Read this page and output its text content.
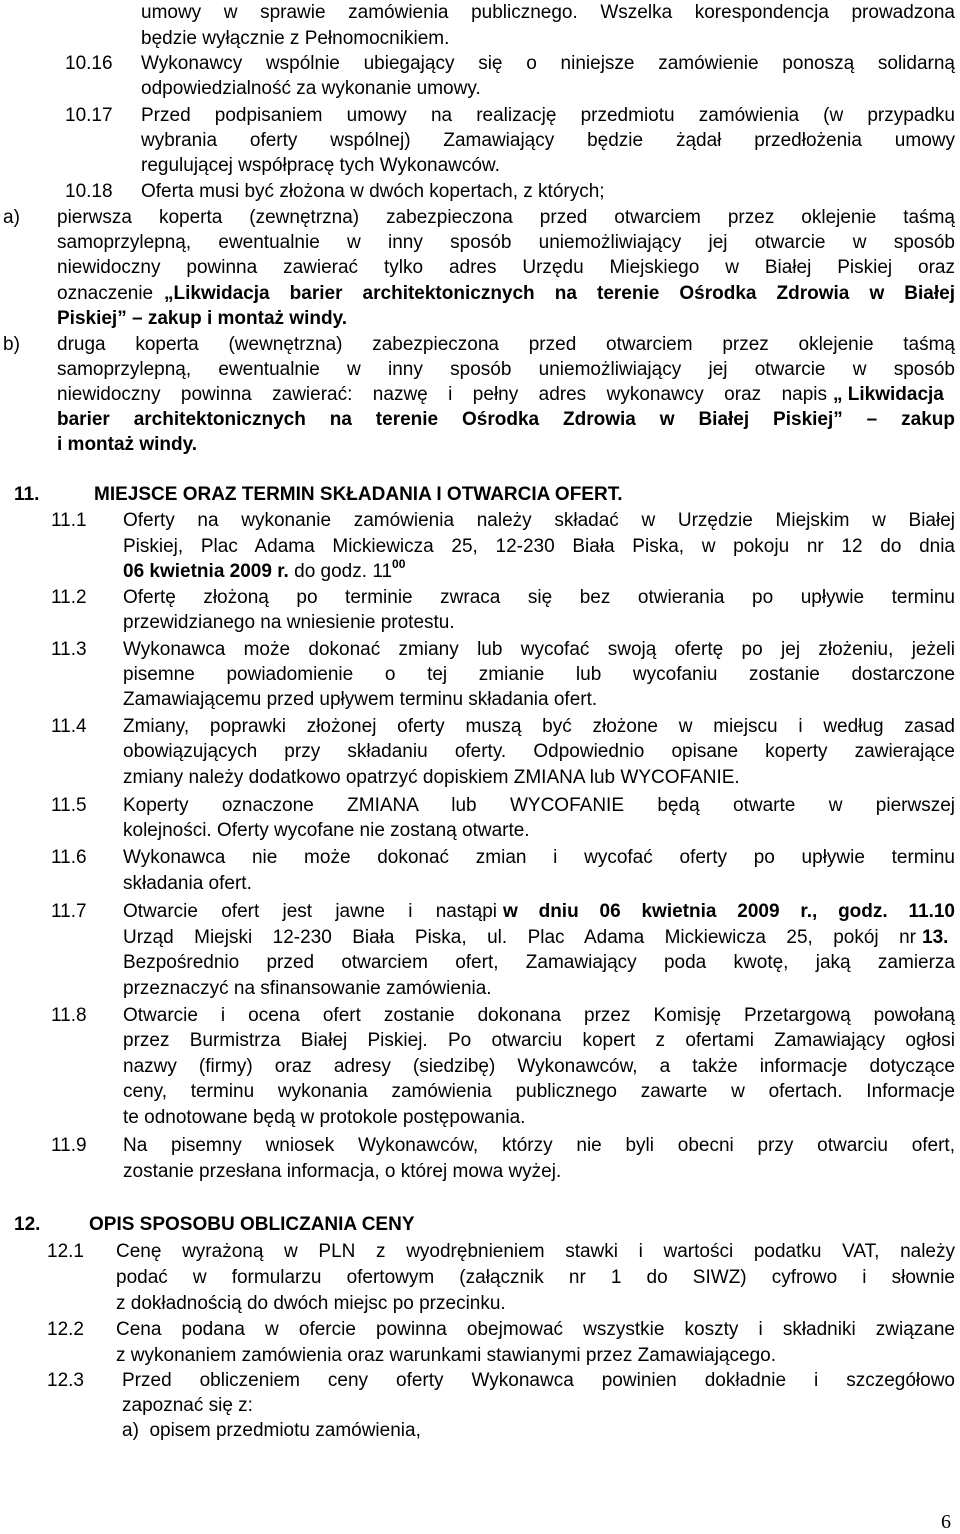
umowy w sprawie zamówienia publicznego. Wszelka korespondencja prowadzona
będzie wyłącznie z Pełnomocnikiem.
10.16 Wykonawcy wspólnie ubiegający się o niniejsze zamówienie ponoszą solidarną
odpowiedzialność za wykonanie umowy.
10.17 Przed podpisaniem umowy na realizację przedmiotu zamówienia (w przypadku
wybrania oferty wspólnej) Zamawiający będzie żądał przedłożenia umowy
regulującej współpracę tych Wykonawców.
10.18 Oferta musi być złożona w dwóch kopertach, z których;
a) pierwsza koperta (zewnętrzna) zabezpieczona przed otwarciem przez oklejenie taśmą
samoprzylepną, ewentualnie w inny sposób uniemożliwiający jej otwarcie w sposób
niewidoczny powinna zawierać tylko adres Urzędu Miejskiego w Białej Piskiej oraz
oznaczenie „Likwidacja barier architektonicznych na terenie Ośrodka Zdrowia w Białej
Piskiej” – zakup i montaż windy.
b) druga koperta (wewnętrzna) zabezpieczona przed otwarciem przez oklejenie taśmą
samoprzylepną, ewentualnie w inny sposób uniemożliwiający jej otwarcie w sposób
niewidoczny powinna zawierać: nazwę i pełny adres wykonawcy oraz napis „ Likwidacja
barier architektonicznych na terenie Ośrodka Zdrowia w Białej Piskiej” – zakup
i montaż windy.
11.	MIEJSCE ORAZ TERMIN SKŁADANIA I OTWARCIA OFERT.
11.1 Oferty na wykonanie zamówienia należy składać w Urzędzie Miejskim w Białej
Piskiej, Plac Adama Mickiewicza 25, 12-230 Biała Piska, w pokoju nr 12 do dnia
06 kwietnia 2009 r. do godz. $11^{00}$
11.2 Ofertę złożoną po terminie zwraca się bez otwierania po upływie terminu
przewidzianego na wniesienie protestu.
11.3 Wykonawca może dokonać zmiany lub wycofać swoją ofertę po jej złożeniu, jeżeli
pisemne powiadomienie o tej zmianie lub wycofaniu zostanie dostarczone
Zamawiającemu przed upływem terminu składania ofert.
11.4 Zmiany, poprawki złożonej oferty muszą być złożone w miejscu i według zasad
obowiązujących przy składaniu oferty. Odpowiednio opisane koperty zawierające
zmiany należy dodatkowo opatrzyć dopiskiem ZMIANA lub WYCOFANIE.
11.5 Koperty oznaczone ZMIANA lub WYCOFANIE będą otwarte w pierwszej
kolejności. Oferty wycofane nie zostaną otwarte.
11.6 Wykonawca nie może dokonać zmian i wycofać oferty po upływie terminu
składania ofert.
11.7 Otwarcie ofert jest jawne i nastąpi w dniu 06 kwietnia 2009 r., godz. 11.10
Urząd Miejski 12-230 Biała Piska, ul. Plac Adama Mickiewicza 25, pokój nr 13.
Bezpośrednio przed otwarciem ofert, Zamawiający poda kwotę, jaką zamierza
przeznaczyć na sfinansowanie zamówienia.
11.8 Otwarcie i ocena ofert zostanie dokonana przez Komisję Przetargową powołaną
przez Burmistrza Białej Piskiej. Po otwarciu kopert z ofertami Zamawiający ogłosi
nazwy (firmy) oraz adresy (siedzibę) Wykonawców, a także informacje dotyczące
ceny, terminu wykonania zamówienia publicznego zawarte w ofertach. Informacje
te odnotowane będą w protokole postępowania.
11.9 Na pisemny wniosek Wykonawców, którzy nie byli obecni przy otwarciu ofert,
zostanie przesłana informacja, o której mowa wyżej.
12.	OPIS SPOSOBU OBLICZANIA CENY
12.1 Cenę wyrażoną w PLN z wyodrębnieniem stawki i wartości podatku VAT, należy
podać w formularzu ofertowym (załącznik nr 1 do SIWZ) cyfrowo i słownie
z dokładnością do dwóch miejsc po przecinku.
12.2 Cena podana w ofercie powinna obejmować wszystkie koszty i składniki związane
z wykonaniem zamówienia oraz warunkami stawianymi przez Zamawiającego.
12.3 Przed obliczeniem ceny oferty Wykonawca powinien dokładnie i szczegółowo
zapoznać się z:
a)  opisem przedmiotu zamówienia,
6
